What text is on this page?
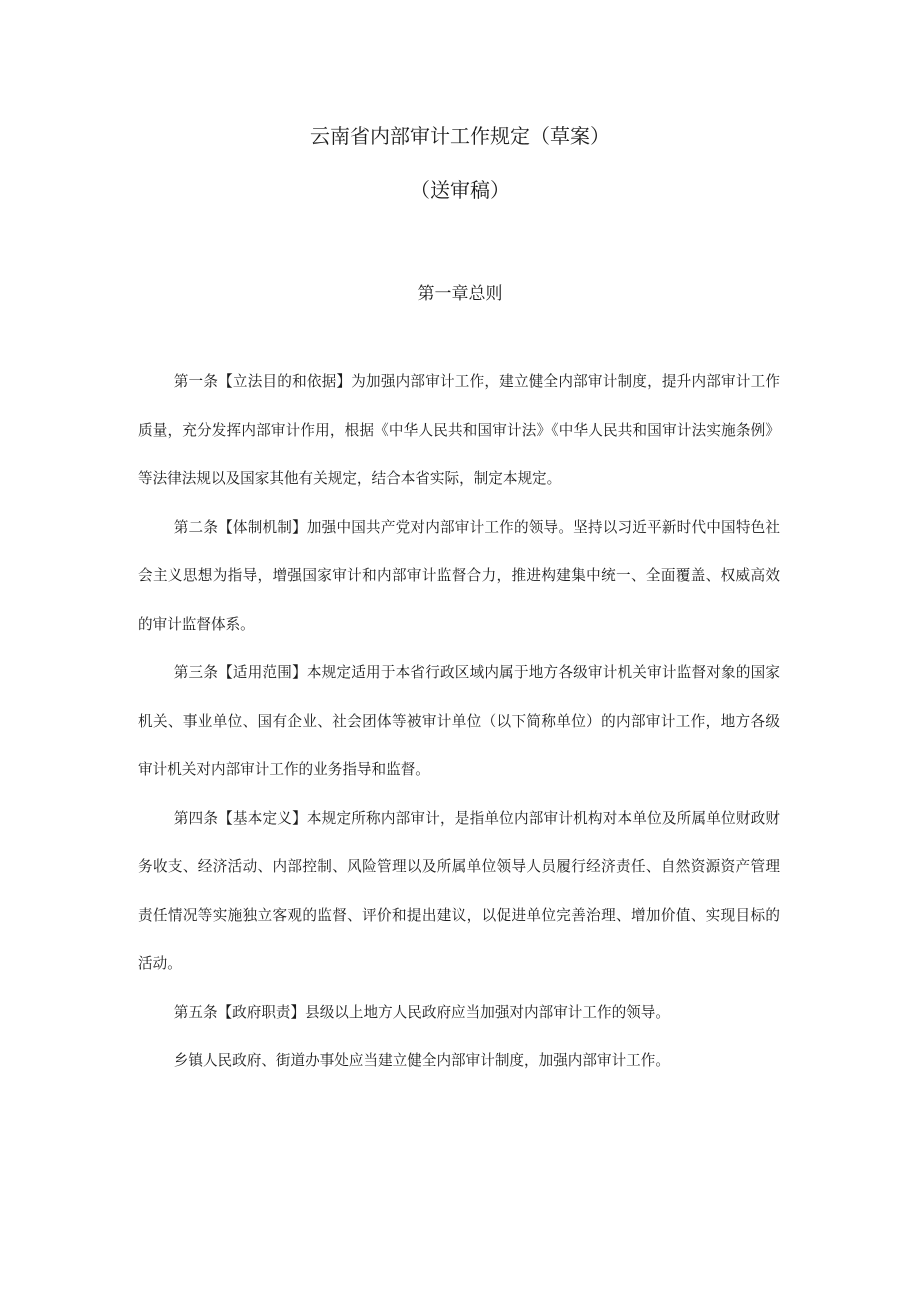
云南省内部审计工作规定（草案）
（送审稿）
第一章总则

第一条【立法目的和依据】为加强内部审计工作，建立健全内部审计制度，提升内部审计工作质量，充分发挥内部审计作用，根据《中华人民共和国审计法》《中华人民共和国审计法实施条例》等法律法规以及国家其他有关规定，结合本省实际，制定本规定。

第二条【体制机制】加强中国共产党对内部审计工作的领导。坚持以习近平新时代中国特色社会主义思想为指导，增强国家审计和内部审计监督合力，推进构建集中统一、全面覆盖、权威高效的审计监督体系。

第三条【适用范围】本规定适用于本省行政区域内属于地方各级审计机关审计监督对象的国家机关、事业单位、国有企业、社会团体等被审计单位（以下简称单位）的内部审计工作，地方各级审计机关对内部审计工作的业务指导和监督。

第四条【基本定义】本规定所称内部审计，是指单位内部审计机构对本单位及所属单位财政财务收支、经济活动、内部控制、风险管理以及所属单位领导人员履行经济责任、自然资源资产管理责任情况等实施独立客观的监督、评价和提出建议，以促进单位完善治理、增加价值、实现目标的活动。

第五条【政府职责】县级以上地方人民政府应当加强对内部审计工作的领导。

乡镇人民政府、街道办事处应当建立健全内部审计制度，加强内部审计工作。
